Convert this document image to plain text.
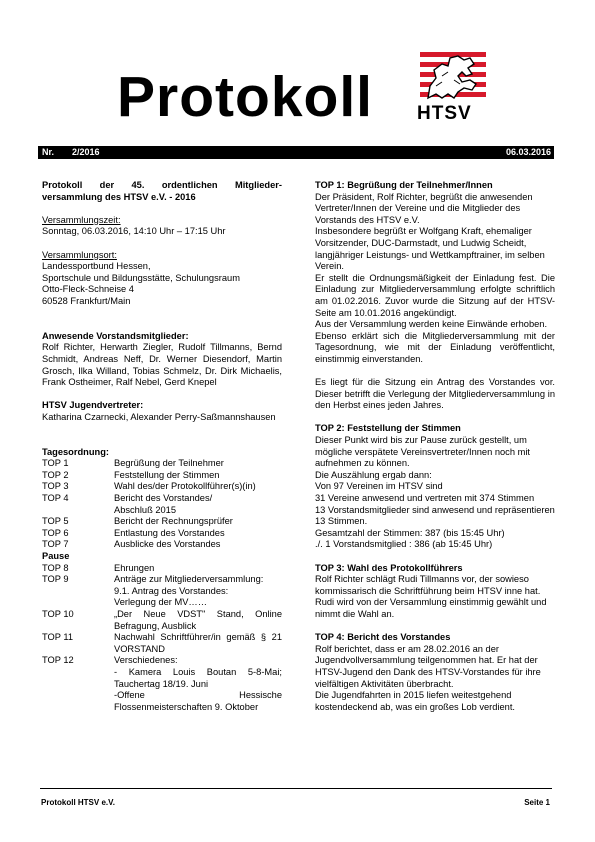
Protokoll HTSV
Nr. 2/2016	06.03.2016
Protokoll der 45. ordentlichen Mitglieder-versammlung des HTSV e.V. - 2016
Versammlungszeit:
Sonntag, 06.03.2016, 14:10 Uhr – 17:15 Uhr
Versammlungsort:
Landessportbund Hessen,
Sportschule und Bildungsstätte, Schulungsraum
Otto-Fleck-Schneise 4
60528 Frankfurt/Main
Anwesende Vorstandsmitglieder:
Rolf Richter, Herwarth Ziegler, Rudolf Tillmanns, Bernd Schmidt, Andreas Neff, Dr. Werner Diesendorf, Martin Grosch, Ilka Willand, Tobias Schmelz, Dr. Dirk Michaelis, Frank Ostheimer, Ralf Nebel, Gerd Knepel
HTSV Jugendvertreter:
Katharina Czarnecki, Alexander Perry-Saßmannshausen
Tagesordnung:
TOP 1	Begrüßung der Teilnehmer
TOP 2	Feststellung der Stimmen
TOP 3	Wahl des/der Protokollführer(s)(in)
TOP 4	Bericht des Vorstandes/
Abschluß 2015
TOP 5	Bericht der Rechnungsprüfer
TOP 6	Entlastung des Vorstandes
TOP 7	Ausblicke des Vorstandes
Pause
TOP 8	Ehrungen
TOP 9	Anträge zur Mitgliederversammlung:
9.1. Antrag des Vorstandes:
Verlegung der MV……
TOP 10	„Der Neue VDST" Stand, Online Befragung, Ausblick
TOP 11	Nachwahl Schriftführer/in gemäß § 21 VORSTAND
TOP 12	Verschiedenes:
- Kamera Louis Boutan 5-8-Mai; Tauchertag 18/19. Juni
-Offene Hessische Flossenmeisterschaften 9. Oktober
TOP 1: Begrüßung der Teilnehmer/Innen
Der Präsident, Rolf Richter, begrüßt die anwesenden Vertreter/Innen der Vereine und die Mitglieder des Vorstands des HTSV e.V.
Insbesondere begrüßt er Wolfgang Kraft, ehemaliger Vorsitzender, DUC-Darmstadt, und Ludwig Scheidt, langjähriger Leistungs- und Wettkampftrainer, im selben Verein.
Er stellt die Ordnungsmäßigkeit der Einladung fest. Die Einladung zur Mitgliederversammlung erfolgte schriftlich am 01.02.2016. Zuvor wurde die Sitzung auf der HTSV-Seite am 10.01.2016 angekündigt.
Aus der Versammlung werden keine Einwände erhoben.
Ebenso erklärt sich die Mitgliederversammlung mit der Tagesordnung, wie mit der Einladung veröffentlicht, einstimmig einverstanden.
Es liegt für die Sitzung ein Antrag des Vorstandes vor. Dieser betrifft die Verlegung der Mitgliederversammlung in den Herbst eines jeden Jahres.
TOP 2: Feststellung der Stimmen
Dieser Punkt wird bis zur Pause zurück gestellt, um mögliche verspätete Vereinsvertreter/Innen noch mit aufnehmen zu können.
Die Auszählung ergab dann:
Von 97 Vereinen im HTSV sind
31 Vereine anwesend und vertreten mit 374 Stimmen
13 Vorstandsmitglieder sind anwesend und repräsentieren 13 Stimmen.
Gesamtzahl der Stimmen: 387 (bis 15:45 Uhr)
./. 1 Vorstandsmitglied : 386 (ab 15:45 Uhr)
TOP 3: Wahl des Protokollführers
Rolf Richter schlägt Rudi Tillmanns vor, der sowieso kommissarisch die Schriftführung beim HTSV inne hat.
Rudi wird von der Versammlung einstimmig gewählt und nimmt die Wahl an.
TOP 4: Bericht des Vorstandes
Rolf berichtet, dass er am 28.02.2016 an der Jugendvollversammlung teilgenommen hat. Er hat der HTSV-Jugend den Dank des HTSV-Vorstandes für ihre vielfältigen Aktivitäten überbracht.
Die Jugendfahrten in 2015 liefen weitestgehend kostendeckend ab, was ein großes Lob verdient.
Protokoll HTSV e.V.	Seite 1
